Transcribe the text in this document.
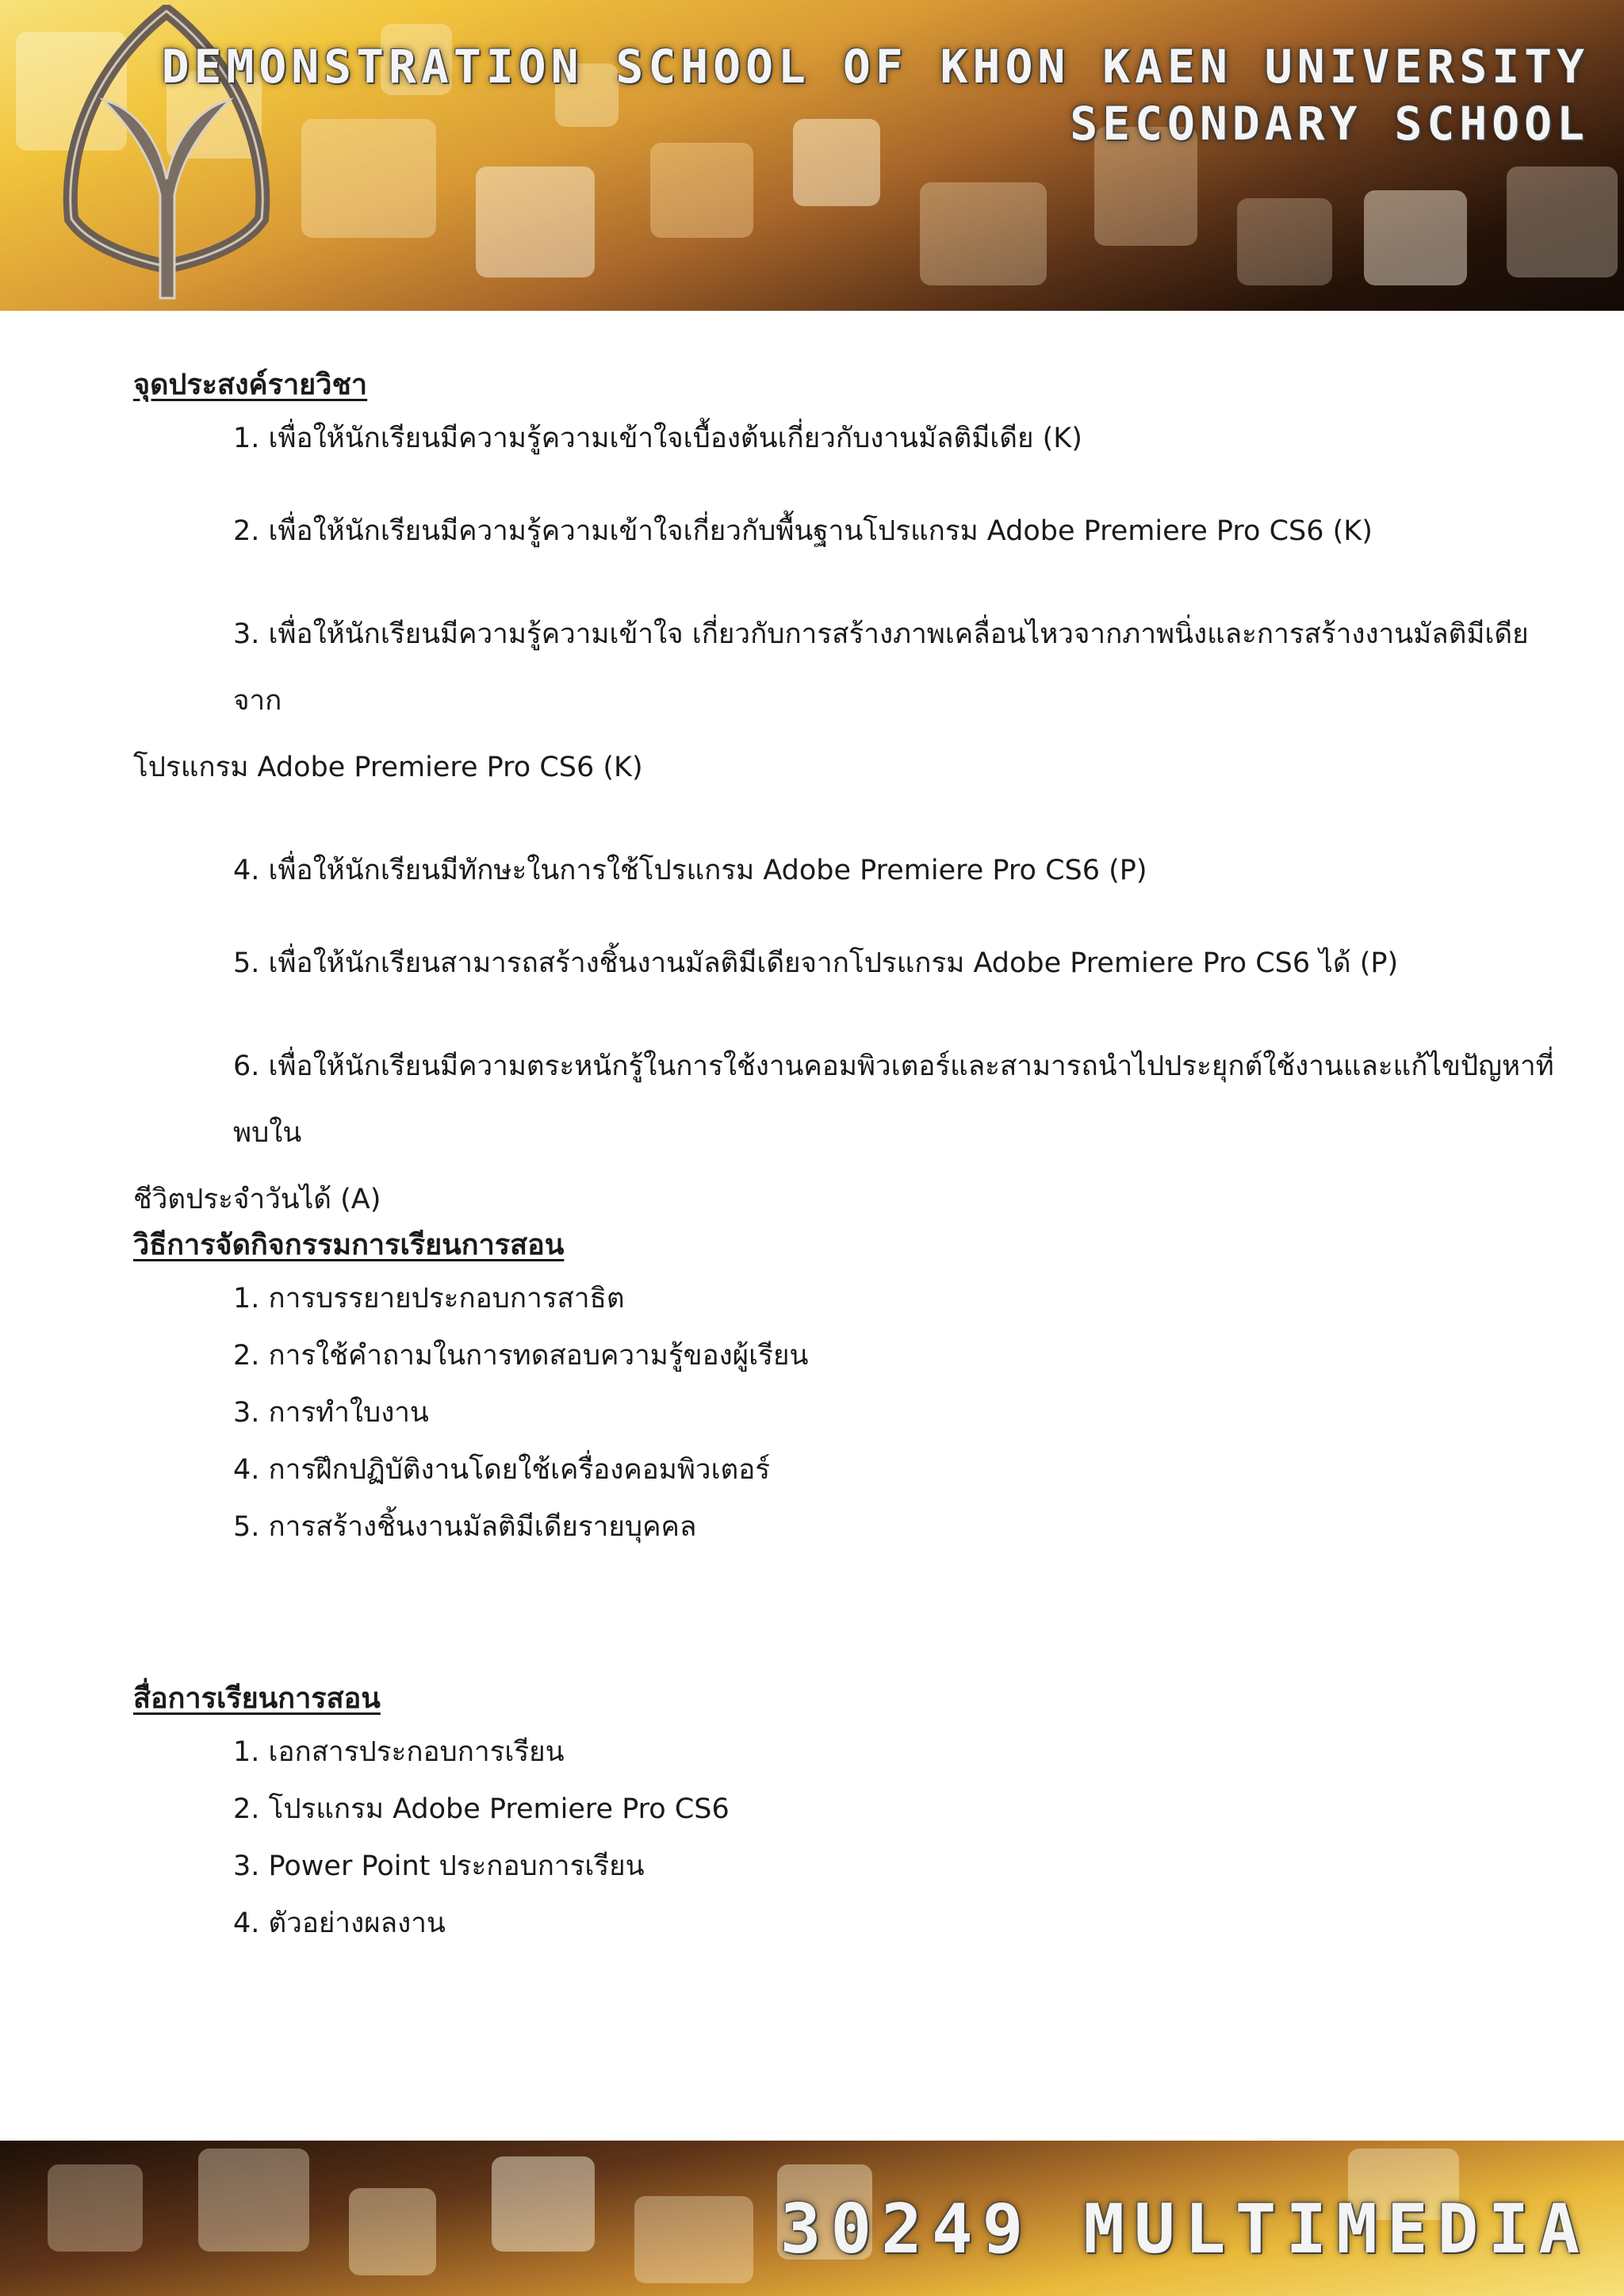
DEMONSTRATION SCHOOL OF KHON KAEN UNIVERSITY
SECONDARY SCHOOL

จุดประสงค์รายวิชา

1. เพื่อให้นักเรียนมีความรู้ความเข้าใจเบื้องต้นเกี่ยวกับงานมัลติมีเดีย (K)

2. เพื่อให้นักเรียนมีความรู้ความเข้าใจเกี่ยวกับพื้นฐานโปรแกรม Adobe Premiere Pro CS6 (K)

3. เพื่อให้นักเรียนมีความรู้ความเข้าใจ เกี่ยวกับการสร้างภาพเคลื่อนไหวจากภาพนิ่งและการสร้างงานมัลติมีเดียจาก
โปรแกรม Adobe Premiere Pro CS6 (K)

4. เพื่อให้นักเรียนมีทักษะในการใช้โปรแกรม Adobe Premiere Pro CS6 (P)

5. เพื่อให้นักเรียนสามารถสร้างชิ้นงานมัลติมีเดียจากโปรแกรม Adobe Premiere Pro CS6 ได้ (P)

6. เพื่อให้นักเรียนมีความตระหนักรู้ในการใช้งานคอมพิวเตอร์และสามารถนำไปประยุกต์ใช้งานและแก้ไขปัญหาที่พบใน
ชีวิตประจำวันได้ (A)

วิธีการจัดกิจกรรมการเรียนการสอน

1. การบรรยายประกอบการสาธิต

2. การใช้คำถามในการทดสอบความรู้ของผู้เรียน

3. การทำใบงาน

4. การฝึกปฏิบัติงานโดยใช้เครื่องคอมพิวเตอร์

5. การสร้างชิ้นงานมัลติมีเดียรายบุคคล

สื่อการเรียนการสอน

1. เอกสารประกอบการเรียน

2. โปรแกรม Adobe Premiere Pro CS6

3. Power Point ประกอบการเรียน

4. ตัวอย่างผลงาน

30249 MULTIMEDIA
